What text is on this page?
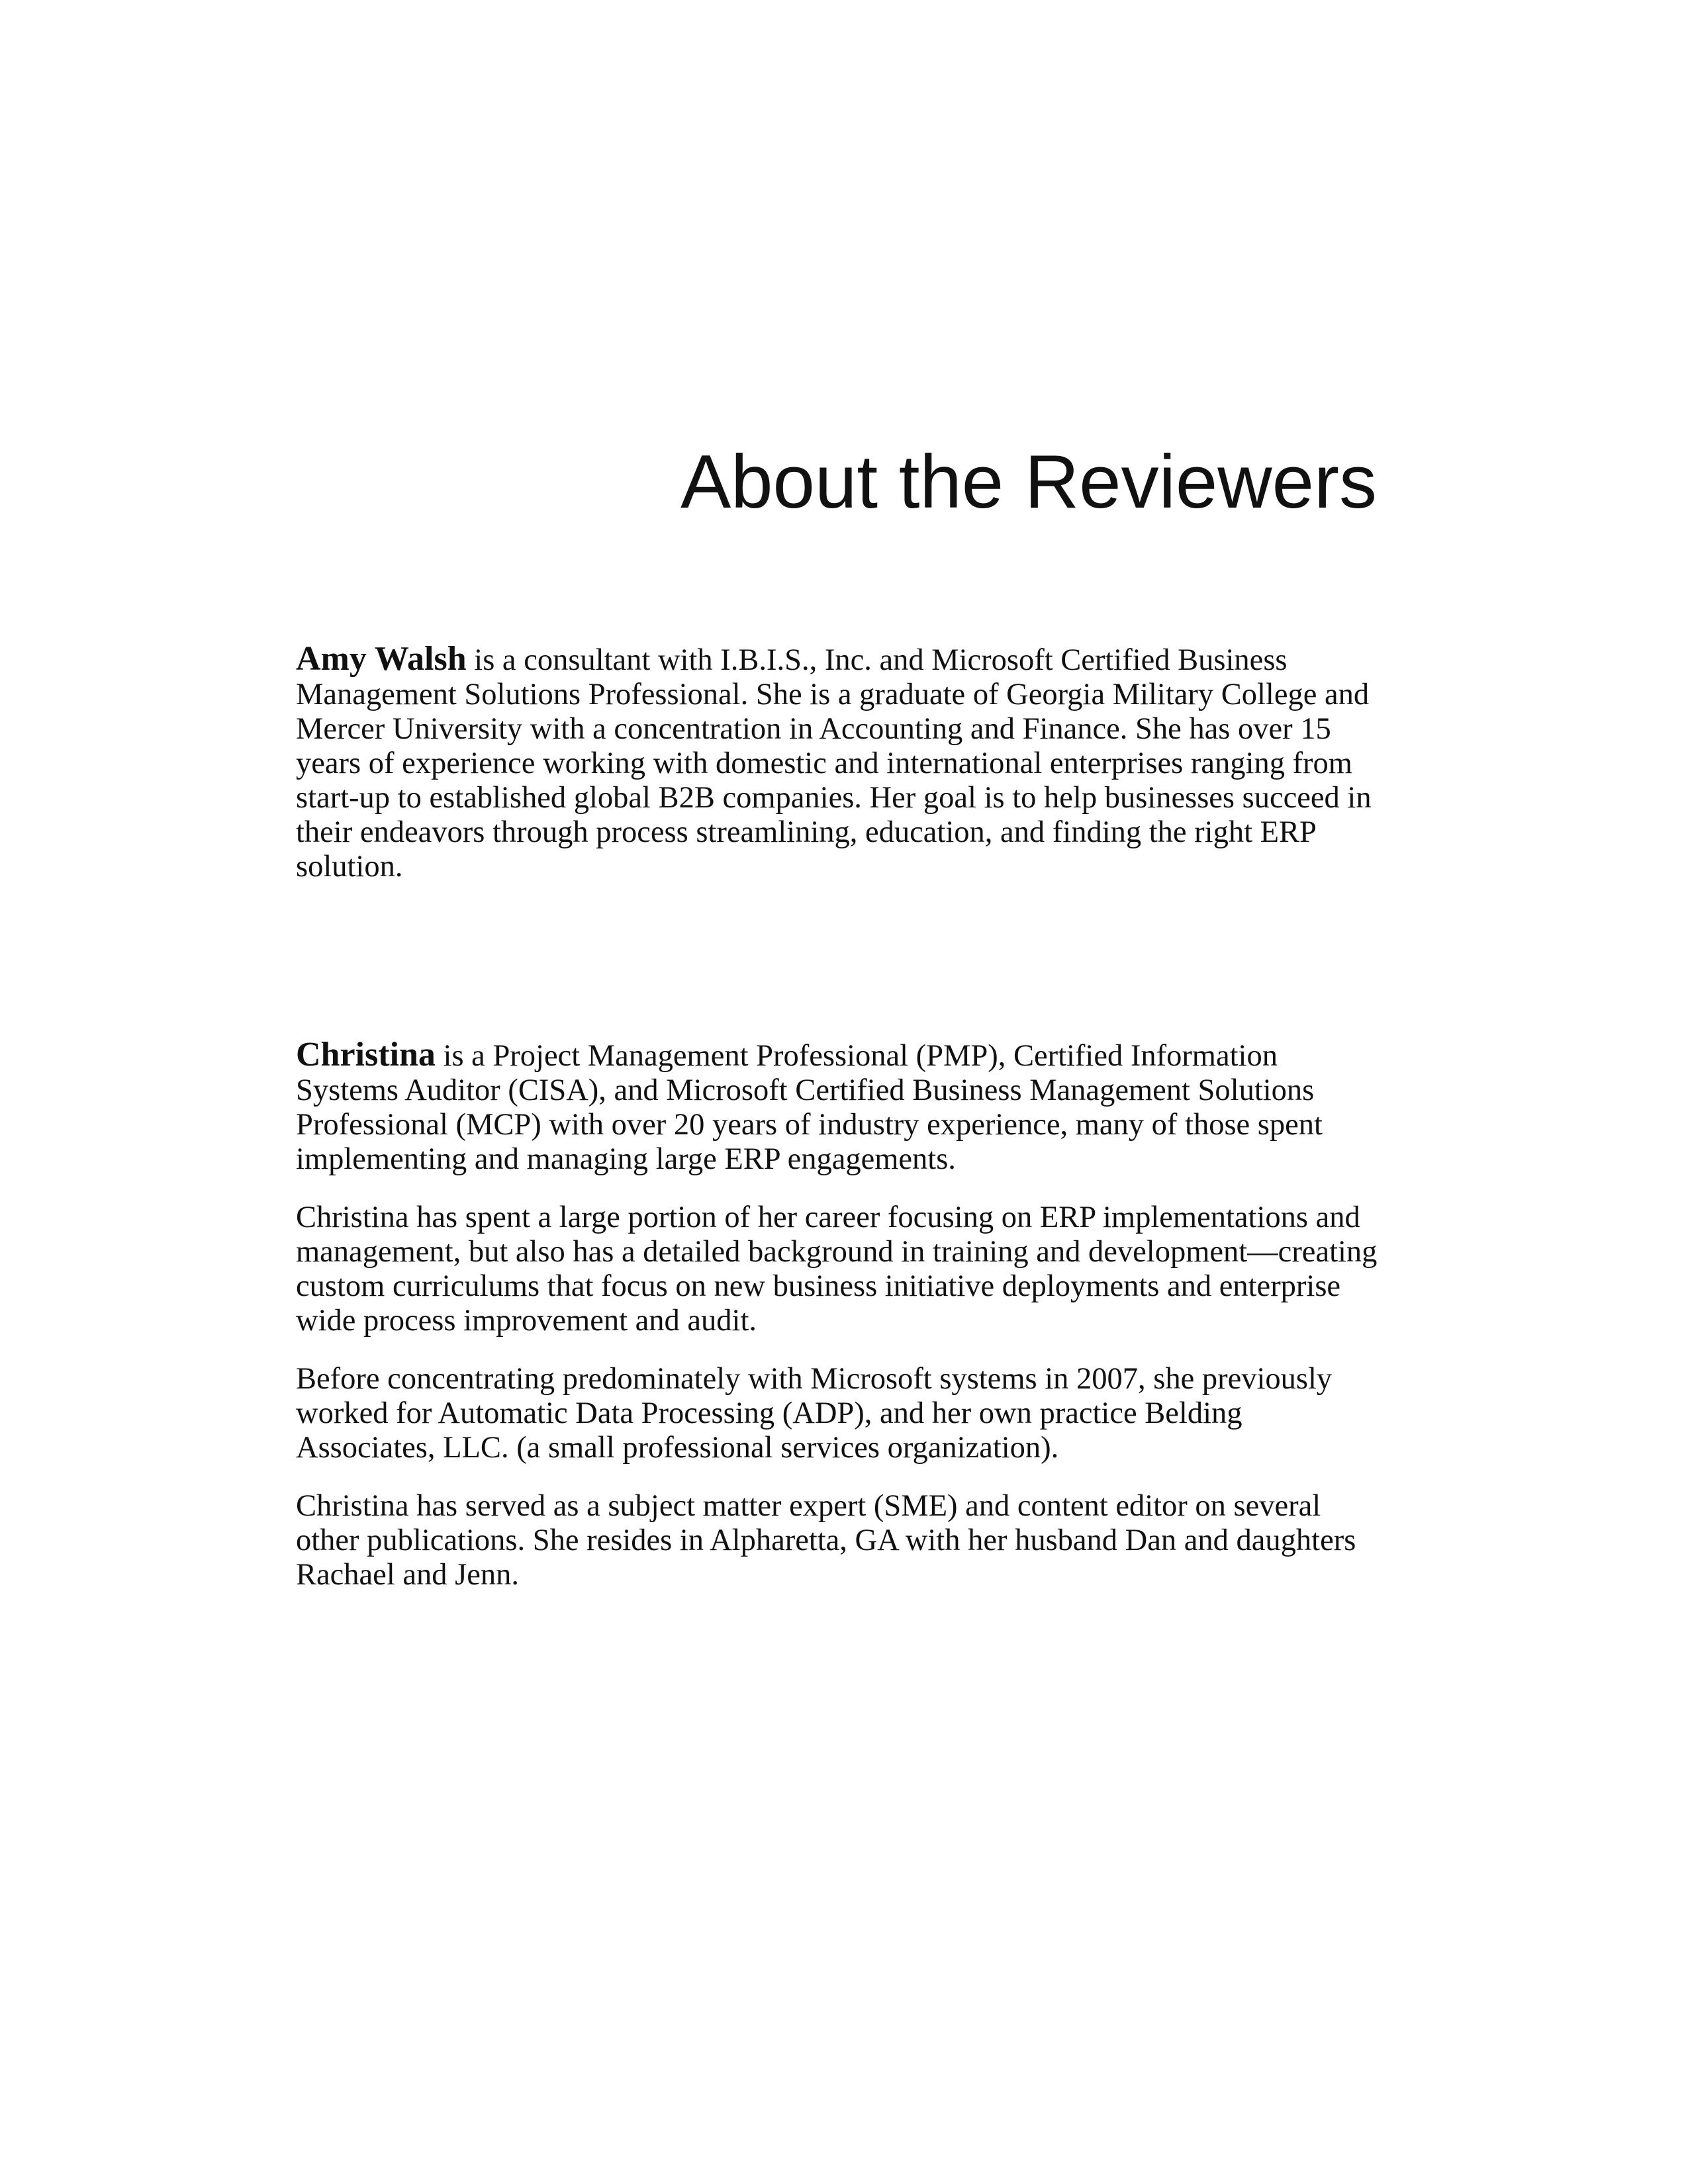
About the Reviewers

Amy Walsh is a consultant with I.B.I.S., Inc. and Microsoft Certified Business Management Solutions Professional. She is a graduate of Georgia Military College and Mercer University with a concentration in Accounting and Finance. She has over 15 years of experience working with domestic and international enterprises ranging from start-up to established global B2B companies. Her goal is to help businesses succeed in their endeavors through process streamlining, education, and finding the right ERP solution.

Christina is a Project Management Professional (PMP), Certified Information Systems Auditor (CISA), and Microsoft Certified Business Management Solutions Professional (MCP) with over 20 years of industry experience, many of those spent implementing and managing large ERP engagements.

Christina has spent a large portion of her career focusing on ERP implementations and management, but also has a detailed background in training and development—creating custom curriculums that focus on new business initiative deployments and enterprise wide process improvement and audit.

Before concentrating predominately with Microsoft systems in 2007, she previously worked for Automatic Data Processing (ADP), and her own practice Belding Associates, LLC. (a small professional services organization).

Christina has served as a subject matter expert (SME) and content editor on several other publications. She resides in Alpharetta, GA with her husband Dan and daughters Rachael and Jenn.
